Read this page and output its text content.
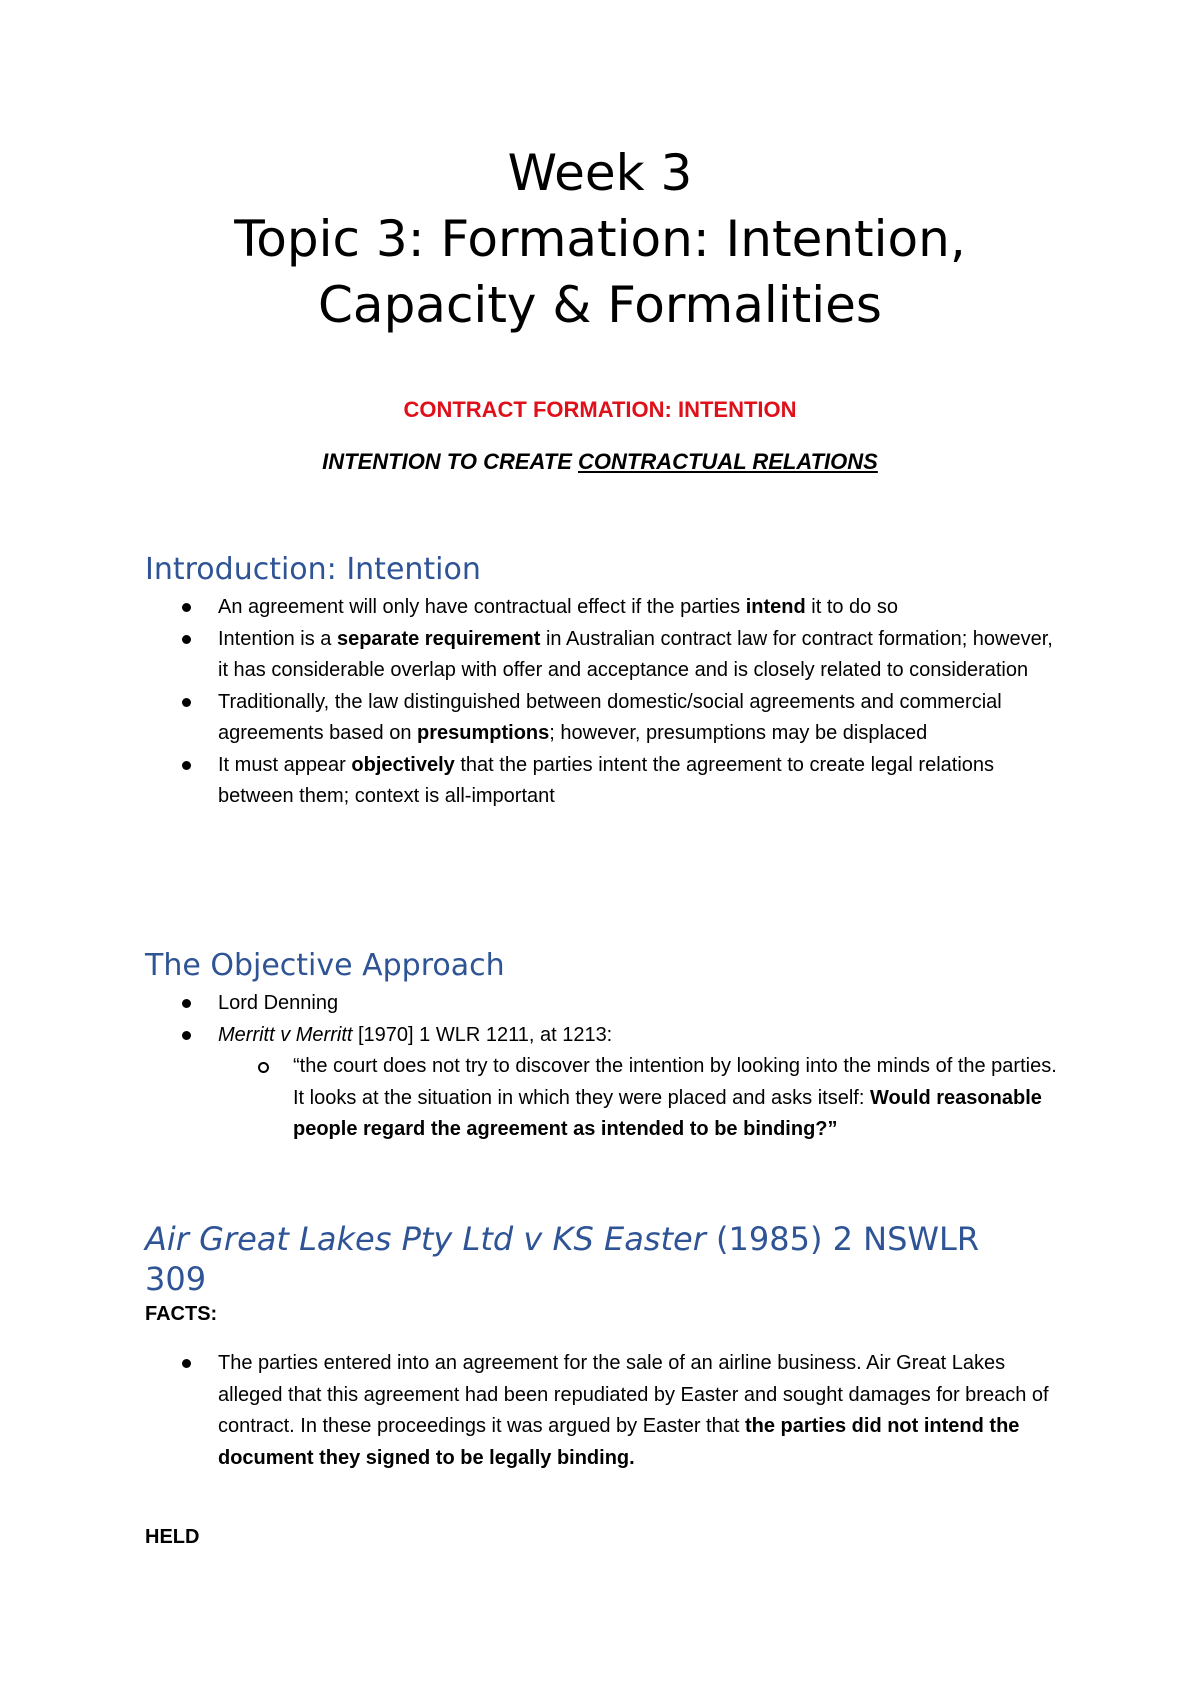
Week 3
Topic 3: Formation: Intention,
Capacity & Formalities
CONTRACT FORMATION: INTENTION
INTENTION TO CREATE CONTRACTUAL RELATIONS
Introduction: Intention
An agreement will only have contractual effect if the parties intend it to do so
Intention is a separate requirement in Australian contract law for contract formation; however, it has considerable overlap with offer and acceptance and is closely related to consideration
Traditionally, the law distinguished between domestic/social agreements and commercial agreements based on presumptions; however, presumptions may be displaced
It must appear objectively that the parties intent the agreement to create legal relations between them; context is all-important
The Objective Approach
Lord Denning
Merritt v Merritt [1970] 1 WLR 1211, at 1213:
“the court does not try to discover the intention by looking into the minds of the parties. It looks at the situation in which they were placed and asks itself: Would reasonable people regard the agreement as intended to be binding?”
Air Great Lakes Pty Ltd v KS Easter (1985) 2 NSWLR 309
FACTS:
The parties entered into an agreement for the sale of an airline business. Air Great Lakes alleged that this agreement had been repudiated by Easter and sought damages for breach of contract. In these proceedings it was argued by Easter that the parties did not intend the document they signed to be legally binding.
HELD
